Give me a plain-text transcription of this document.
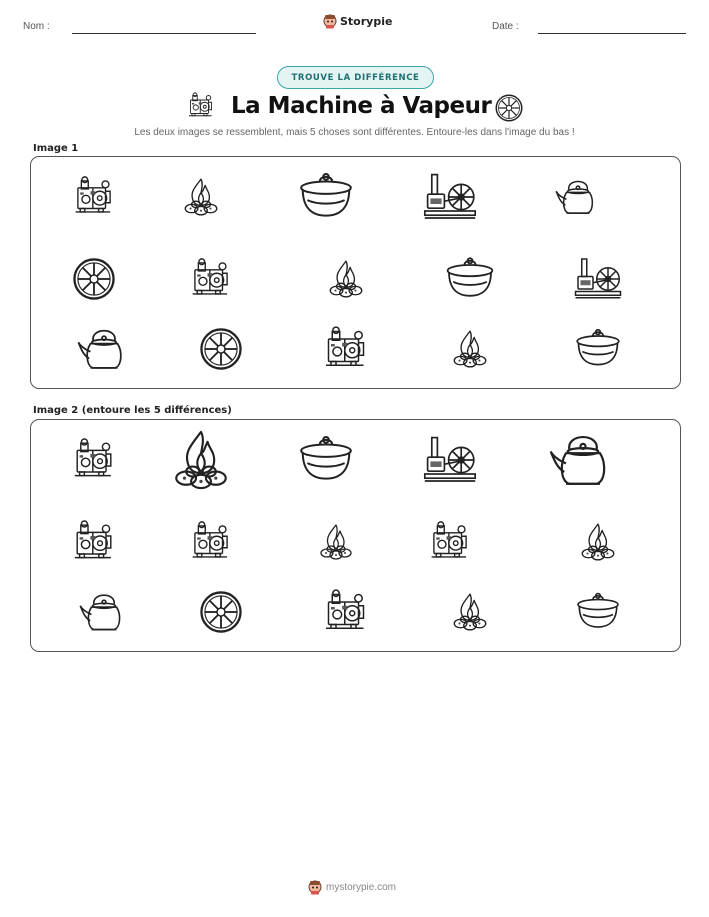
Nom :	Storypie	Date :
TROUVE LA DIFFÉRENCE
La Machine à Vapeur
Les deux images se ressemblent, mais 5 choses sont différentes. Entoure-les dans l'image du bas !
Image 1
Image 2 (entoure les 5 différences)
mystorypie.com
